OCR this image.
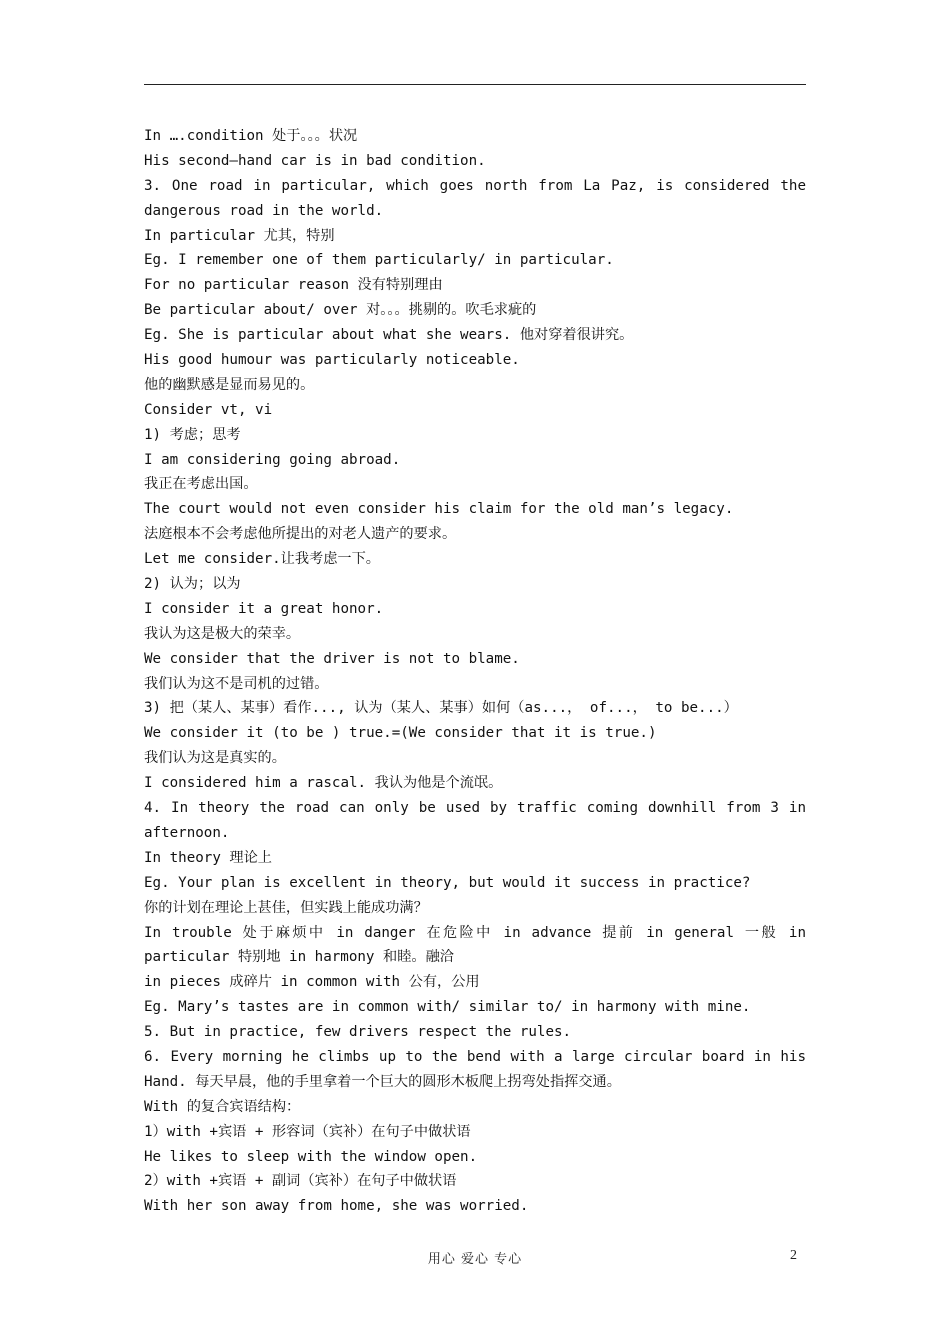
In ….condition 处于。。。状况
His second—hand car is in bad condition.
3. One road in particular, which goes north from La Paz, is considered the
dangerous road in the world.
In particular 尤其，特别
Eg. I remember one of them particularly/ in particular.
For no particular reason 没有特别理由
Be particular about/ over 对。。。挑剔的。吹毛求疵的
Eg. She is particular about what she wears. 他对穿着很讲究。
His good humour was particularly noticeable.
他的幽默感是显而易见的。
Consider vt, vi
1) 考虑；思考
I am considering going abroad.
我正在考虑出国。
The court would not even consider his claim for the old man’s legacy.
法庭根本不会考虑他所提出的对老人遗产的要求。
Let me consider.让我考虑一下。
2) 认为；以为
I consider it a great honor.
我认为这是极大的荣幸。
We consider that the driver is not to blame.
我们认为这不是司机的过错。
3) 把（某人、某事）看作..., 认为（某人、某事）如何（as...， of...， to be...）
We consider it (to be ) true.=(We consider that it is true.)
我们认为这是真实的。
I considered him a rascal. 我认为他是个流氓。
4. In theory the road can only be used by traffic coming downhill from 3 in
afternoon.
In theory 理论上
Eg. Your plan is excellent in theory, but would it success in practice?
你的计划在理论上甚佳，但实践上能成功满？
In trouble 处于麻烦中 in danger 在危险中 in advance 提前 in general 一般 in
particular 特别地 in harmony 和睦。融洽
in pieces 成碎片 in common with 公有，公用
Eg. Mary’s tastes are in common with/ similar to/ in harmony with mine.
5. But in practice, few drivers respect the rules.
6. Every morning he climbs up to the bend with a large circular board in his
Hand. 每天早晨，他的手里拿着一个巨大的圆形木板爬上拐弯处指挥交通。
With 的复合宾语结构：
1）with +宾语 + 形容词（宾补）在句子中做状语
He likes to sleep with the window open.
2）with +宾语 + 副词（宾补）在句子中做状语
With her son away from home, she was worried.
用心 爱心 专心	2
